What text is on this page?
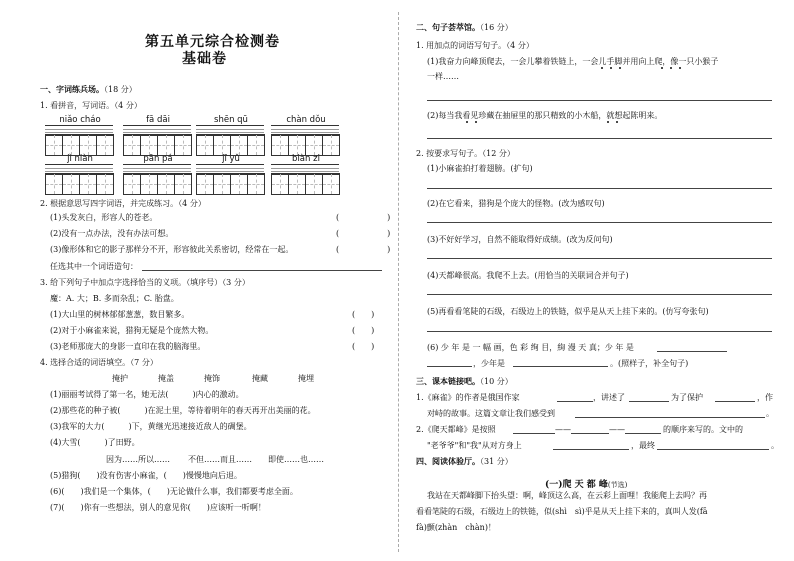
第五单元综合检测卷
基础卷
一、字词练兵场。（18 分）
1. 看拼音，写词语。（4 分）
niǎo cháo	fā dāi	shēn qū	chàn dǒu
jì niàn	pān pá	jī yǔ	biàn zi
2. 根据意思写四字词语，并完成练习。（4 分）
(1)头发灰白，形容人的苍老。	(　　　　　　)
(2)没有一点办法，没有办法可想。	(　　　　　　)
(3)像形体和它的影子那样分不开，形容彼此关系密切，经常在一起。	(　　　　　　)
任选其中一个词语造句：
3. 给下列句子中加点字选择恰当的义项。（填序号）（3 分）
魔：A. 大；B. 多而杂乱；C. 胎盘。
(1)大山里的树林郁郁葱葱，数目繁多。	(　　)
(2)对于小麻雀来说，猎狗无疑是个庞然大物。	(　　)
(3)老师那庞大的身影一直印在我的脑海里。	(　　)
4. 选择合适的词语填空。（7 分）
掩护	掩盖	掩饰	掩藏	掩埋
(1)丽丽考试得了第一名，她无法(　　　)内心的激动。
(2)那些花的种子被(　　　)在泥土里，等待着明年的春天再开出美丽的花。
(3)我军的大力(　　　)下，黄继光迅速接近敌人的碉堡。
(4)大雪(　　　)了田野。
因为……所以…… 不但……而且…… 即使……也……
(5)猎狗(　　)没有伤害小麻雀，(　　)慢慢地向后退。
(6)(　　)我们是一个集体，(　　)无论做什么事，我们都要考虑全面。
(7)(　　)你有一些想法，别人的意见你(　　)应该听一听啊！
二、句子荟萃馆。（16 分）
1. 用加点的词语写句子。（4 分）
(1)我奋力向峰顶爬去，一会儿攀着铁链上，一会儿手脚并用向上爬，像一只小猴子
一样……
(2)每当我看见珍藏在抽屉里的那只精致的小木船，就想起陈明来。
2. 按要求写句子。（12 分）
(1)小麻雀拍打着翅膀。(扩句)
(2)在它看来，猎狗是个庞大的怪物。(改为感叹句)
(3)不好好学习，自然不能取得好成绩。(改为反问句)
(4)天都峰很高。我爬不上去。(用恰当的关联词合并句子)
(5)再看看笔陡的石级，石级边上的铁链，似乎是从天上挂下来的。(仿写夸张句)
(6) 少 年 是 一 幅 画，色 彩 绚 目，絢 漫 天 真；少 年 是
，少年是	。(照样子，补全句子)
三、课本链接吧。（10 分）
1.《麻雀》的作者是俄国作家	，讲述了	为了保护	，作
对峙的故事。这篇文章让我们感受到	。
2.《爬天都峰》是按照	——	——	的顺序来写的。文中的
"老爷爷"和"我"从对方身上	，最终	。
四、阅读体验厅。（31 分）
(一)爬 天 都 峰(节选)
我站在天都峰脚下抬头望：啊，峰顶这么高，在云彩上面哩！我能爬上去吗？再
看看笔陡的石级，石级边上的铁链，似(shì　sì)乎是从天上挂下来的，真叫人发(fā
fà)颤(zhàn　chàn)！
